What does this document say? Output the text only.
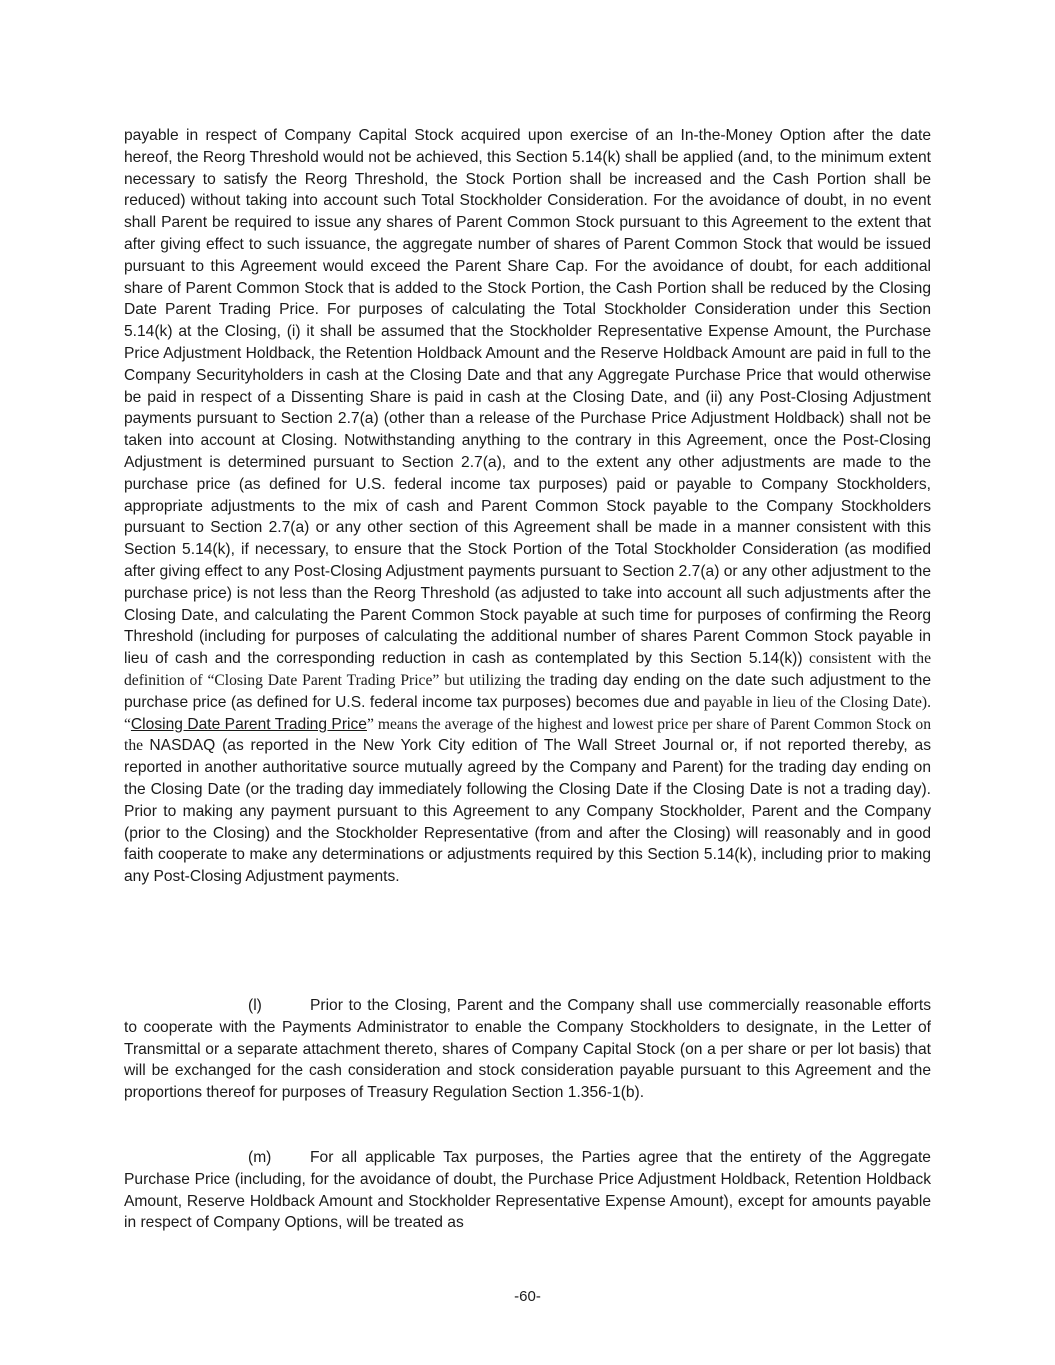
payable in respect of Company Capital Stock acquired upon exercise of an In-the-Money Option after the date hereof, the Reorg Threshold would not be achieved, this Section 5.14(k) shall be applied (and, to the minimum extent necessary to satisfy the Reorg Threshold, the Stock Portion shall be increased and the Cash Portion shall be reduced) without taking into account such Total Stockholder Consideration. For the avoidance of doubt, in no event shall Parent be required to issue any shares of Parent Common Stock pursuant to this Agreement to the extent that after giving effect to such issuance, the aggregate number of shares of Parent Common Stock that would be issued pursuant to this Agreement would exceed the Parent Share Cap. For the avoidance of doubt, for each additional share of Parent Common Stock that is added to the Stock Portion, the Cash Portion shall be reduced by the Closing Date Parent Trading Price. For purposes of calculating the Total Stockholder Consideration under this Section 5.14(k) at the Closing, (i) it shall be assumed that the Stockholder Representative Expense Amount, the Purchase Price Adjustment Holdback, the Retention Holdback Amount and the Reserve Holdback Amount are paid in full to the Company Securityholders in cash at the Closing Date and that any Aggregate Purchase Price that would otherwise be paid in respect of a Dissenting Share is paid in cash at the Closing Date, and (ii) any Post-Closing Adjustment payments pursuant to Section 2.7(a) (other than a release of the Purchase Price Adjustment Holdback) shall not be taken into account at Closing. Notwithstanding anything to the contrary in this Agreement, once the Post-Closing Adjustment is determined pursuant to Section 2.7(a), and to the extent any other adjustments are made to the purchase price (as defined for U.S. federal income tax purposes) paid or payable to Company Stockholders, appropriate adjustments to the mix of cash and Parent Common Stock payable to the Company Stockholders pursuant to Section 2.7(a) or any other section of this Agreement shall be made in a manner consistent with this Section 5.14(k), if necessary, to ensure that the Stock Portion of the Total Stockholder Consideration (as modified after giving effect to any Post-Closing Adjustment payments pursuant to Section 2.7(a) or any other adjustment to the purchase price) is not less than the Reorg Threshold (as adjusted to take into account all such adjustments after the Closing Date, and calculating the Parent Common Stock payable at such time for purposes of confirming the Reorg Threshold (including for purposes of calculating the additional number of shares Parent Common Stock payable in lieu of cash and the corresponding reduction in cash as contemplated by this Section 5.14(k)) consistent with the definition of “Closing Date Parent Trading Price” but utilizing the trading day ending on the date such adjustment to the purchase price (as defined for U.S. federal income tax purposes) becomes due and payable in lieu of the Closing Date). “Closing Date Parent Trading Price” means the average of the highest and lowest price per share of Parent Common Stock on the NASDAQ (as reported in the New York City edition of The Wall Street Journal or, if not reported thereby, as reported in another authoritative source mutually agreed by the Company and Parent) for the trading day ending on the Closing Date (or the trading day immediately following the Closing Date if the Closing Date is not a trading day). Prior to making any payment pursuant to this Agreement to any Company Stockholder, Parent and the Company (prior to the Closing) and the Stockholder Representative (from and after the Closing) will reasonably and in good faith cooperate to make any determinations or adjustments required by this Section 5.14(k), including prior to making any Post-Closing Adjustment payments.

(l)	Prior to the Closing, Parent and the Company shall use commercially reasonable efforts to cooperate with the Payments Administrator to enable the Company Stockholders to designate, in the Letter of Transmittal or a separate attachment thereto, shares of Company Capital Stock (on a per share or per lot basis) that will be exchanged for the cash consideration and stock consideration payable pursuant to this Agreement and the proportions thereof for purposes of Treasury Regulation Section 1.356-1(b).

(m) For all applicable Tax purposes, the Parties agree that the entirety of the Aggregate Purchase Price (including, for the avoidance of doubt, the Purchase Price Adjustment Holdback, Retention Holdback Amount, Reserve Holdback Amount and Stockholder Representative Expense Amount), except for amounts payable in respect of Company Options, will be treated as

-60-
